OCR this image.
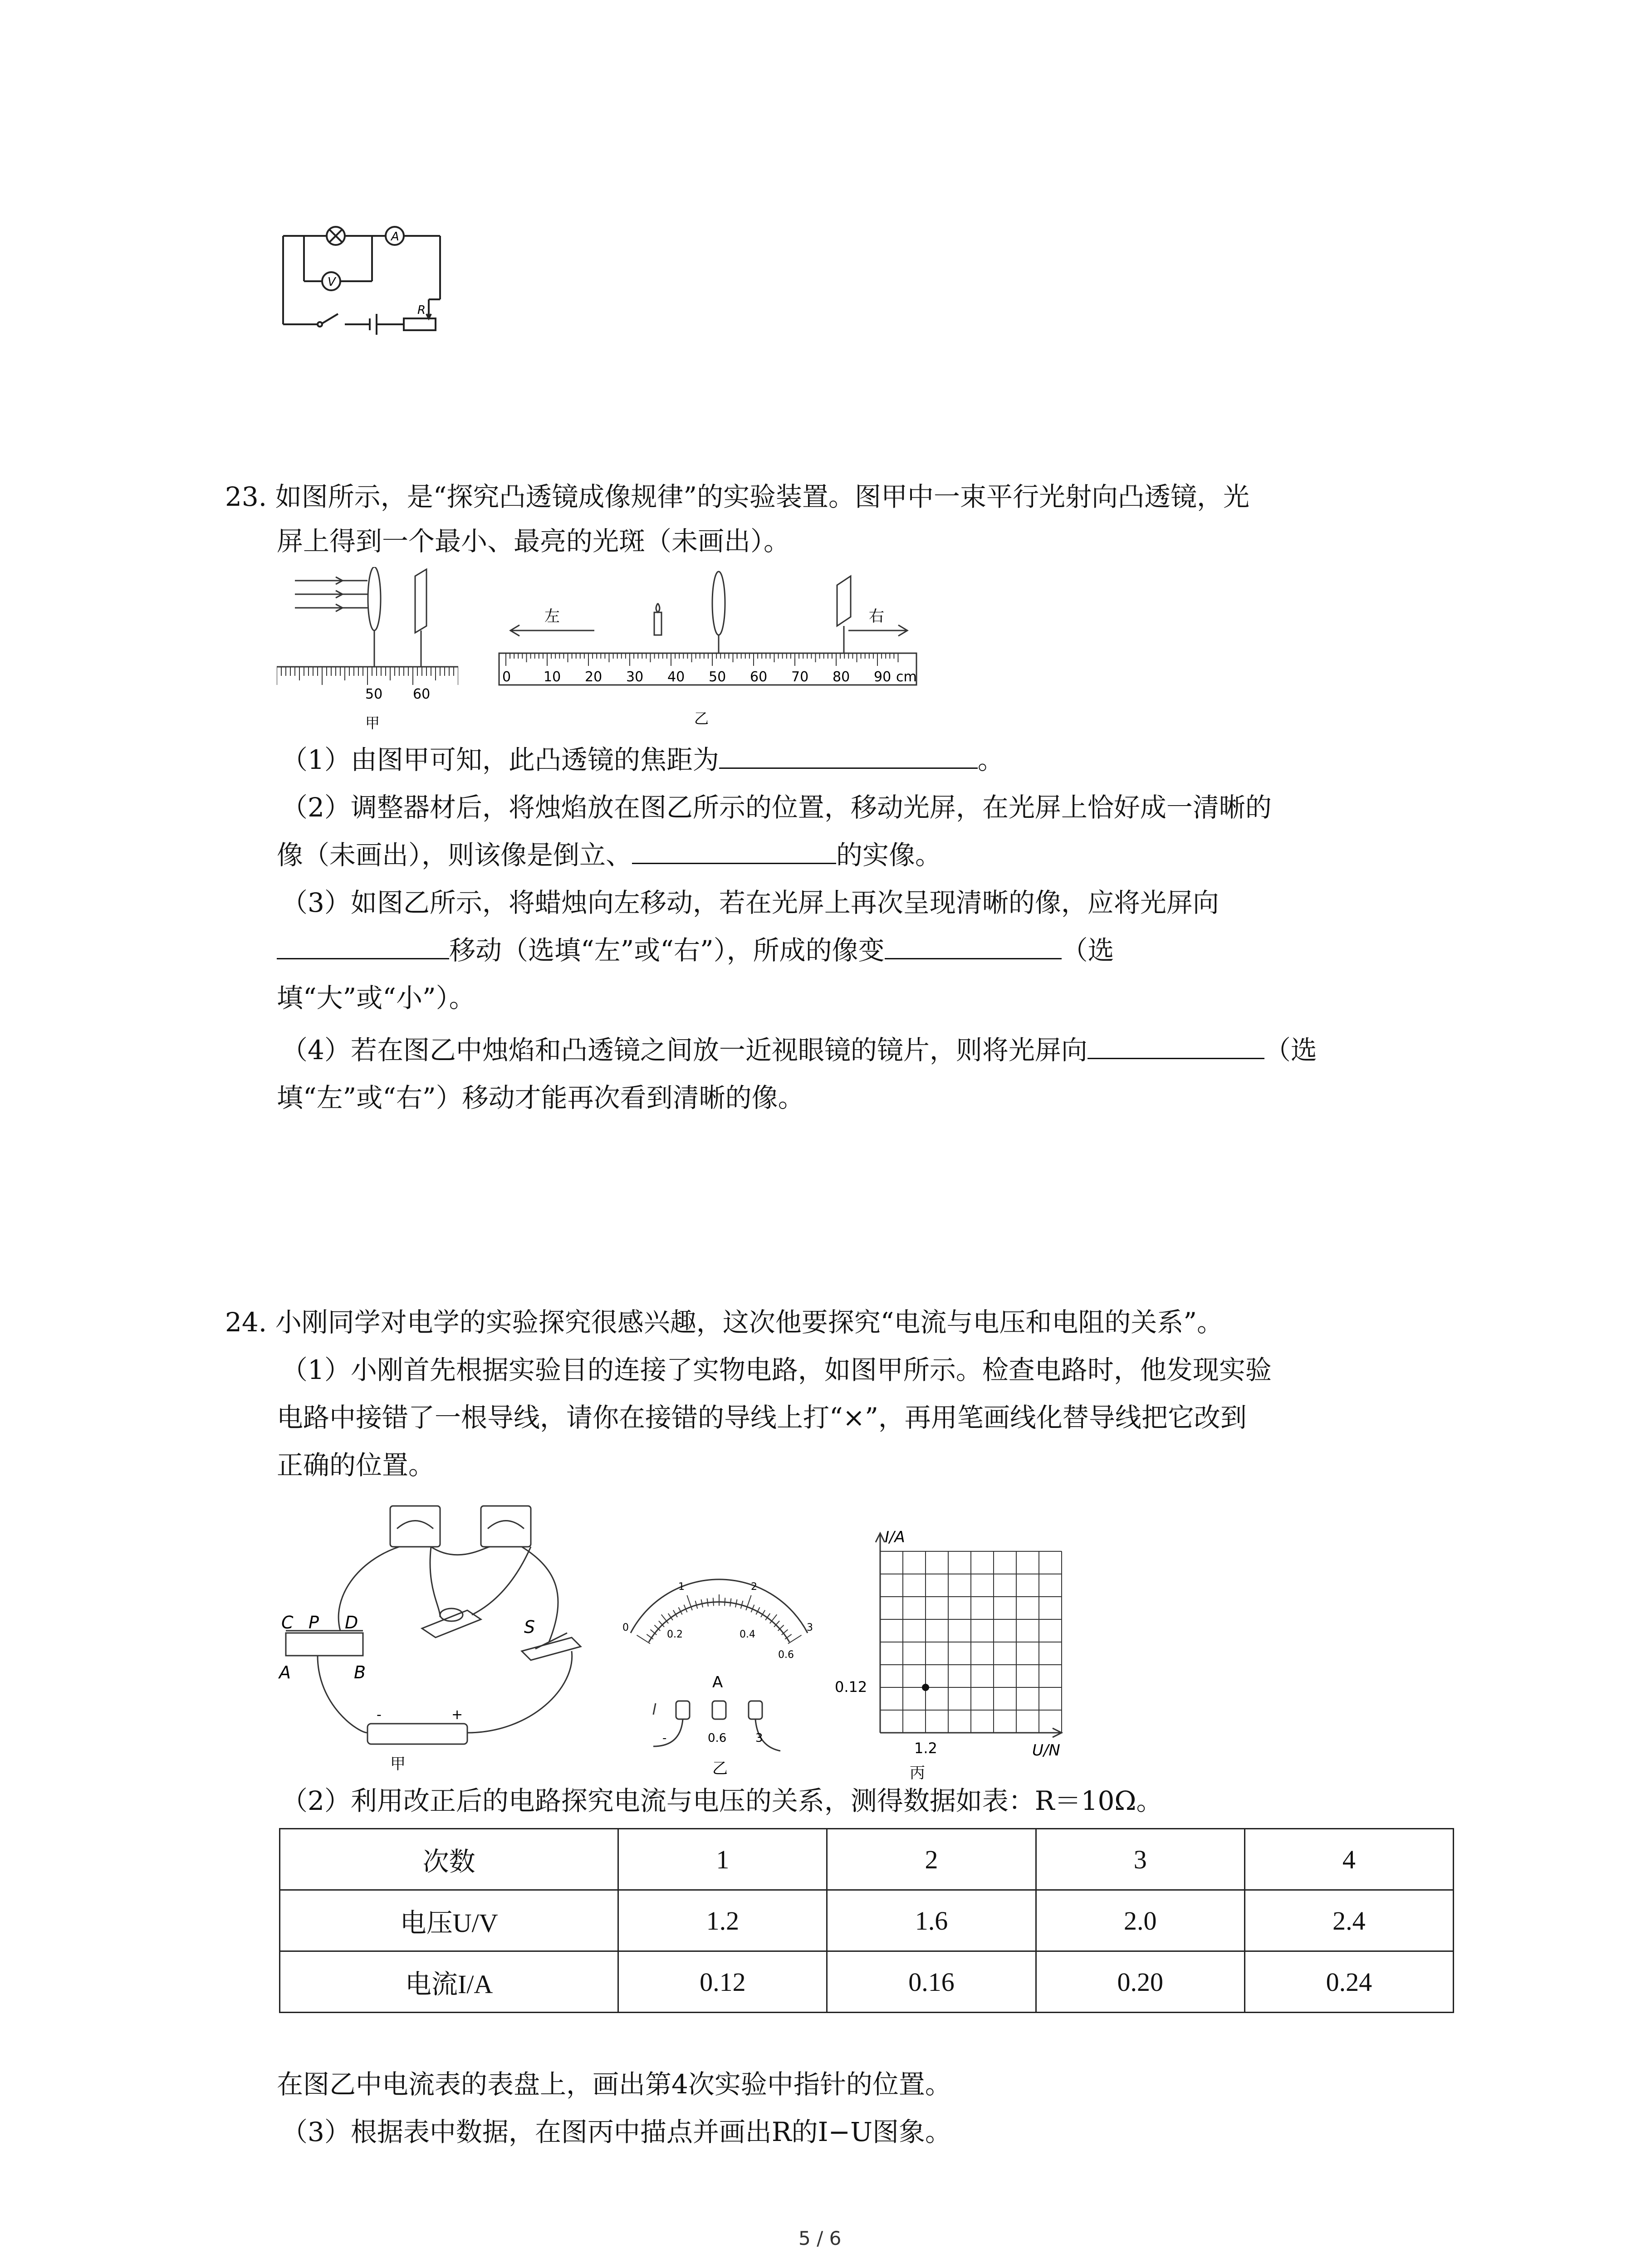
A
V
R
23. 如图所示，是“探究凸透镜成像规律”的实验装置。图甲中一束平行光射向凸透镜，光
屏上得到一个最小、最亮的光斑（未画出）。
50 60
甲
左	右
0 10 20 30 40 50 60 70 80 90 cm
乙
（1）由图甲可知，此凸透镜的焦距为	。
（2）调整器材后，将烛焰放在图乙所示的位置，移动光屏，在光屏上恰好成一清晰的
像（未画出），则该像是倒立、	的实像。
（3）如图乙所示，将蜡烛向左移动，若在光屏上再次呈现清晰的像，应将光屏向
移动（选填“左”或“右”），所成的像变	（选
填“大”或“小”）。
（4）若在图乙中烛焰和凸透镜之间放一近视眼镜的镜片，则将光屏向	（选
填“左”或“右”）移动才能再次看到清晰的像。
24. 小刚同学对电学的实验探究很感兴趣，这次他要探究“电流与电压和电阻的关系”。
（1）小刚首先根据实验目的连接了实物电路，如图甲所示。检查电路时，他发现实验
电路中接错了一根导线，请你在接错的导线上打“×”，再用笔画线化替导线把它改到
正确的位置。
C P D
A	B
S
-	+
甲
0
1	2
3
0.2	0.4
0.6
A
-	0.6 3
乙
I/A
0.12
1.2	U/N
丙
（2）利用改正后的电路探究电流与电压的关系，测得数据如表：R＝10Ω。
次数	1	2	3	4
电压U/V	1.2	1.6	2.0	2.4
电流I/A	0.12	0.16	0.20	0.24
在图乙中电流表的表盘上，画出第4次实验中指针的位置。
（3）根据表中数据，在图丙中描点并画出R的I−U图象。
5 / 6
